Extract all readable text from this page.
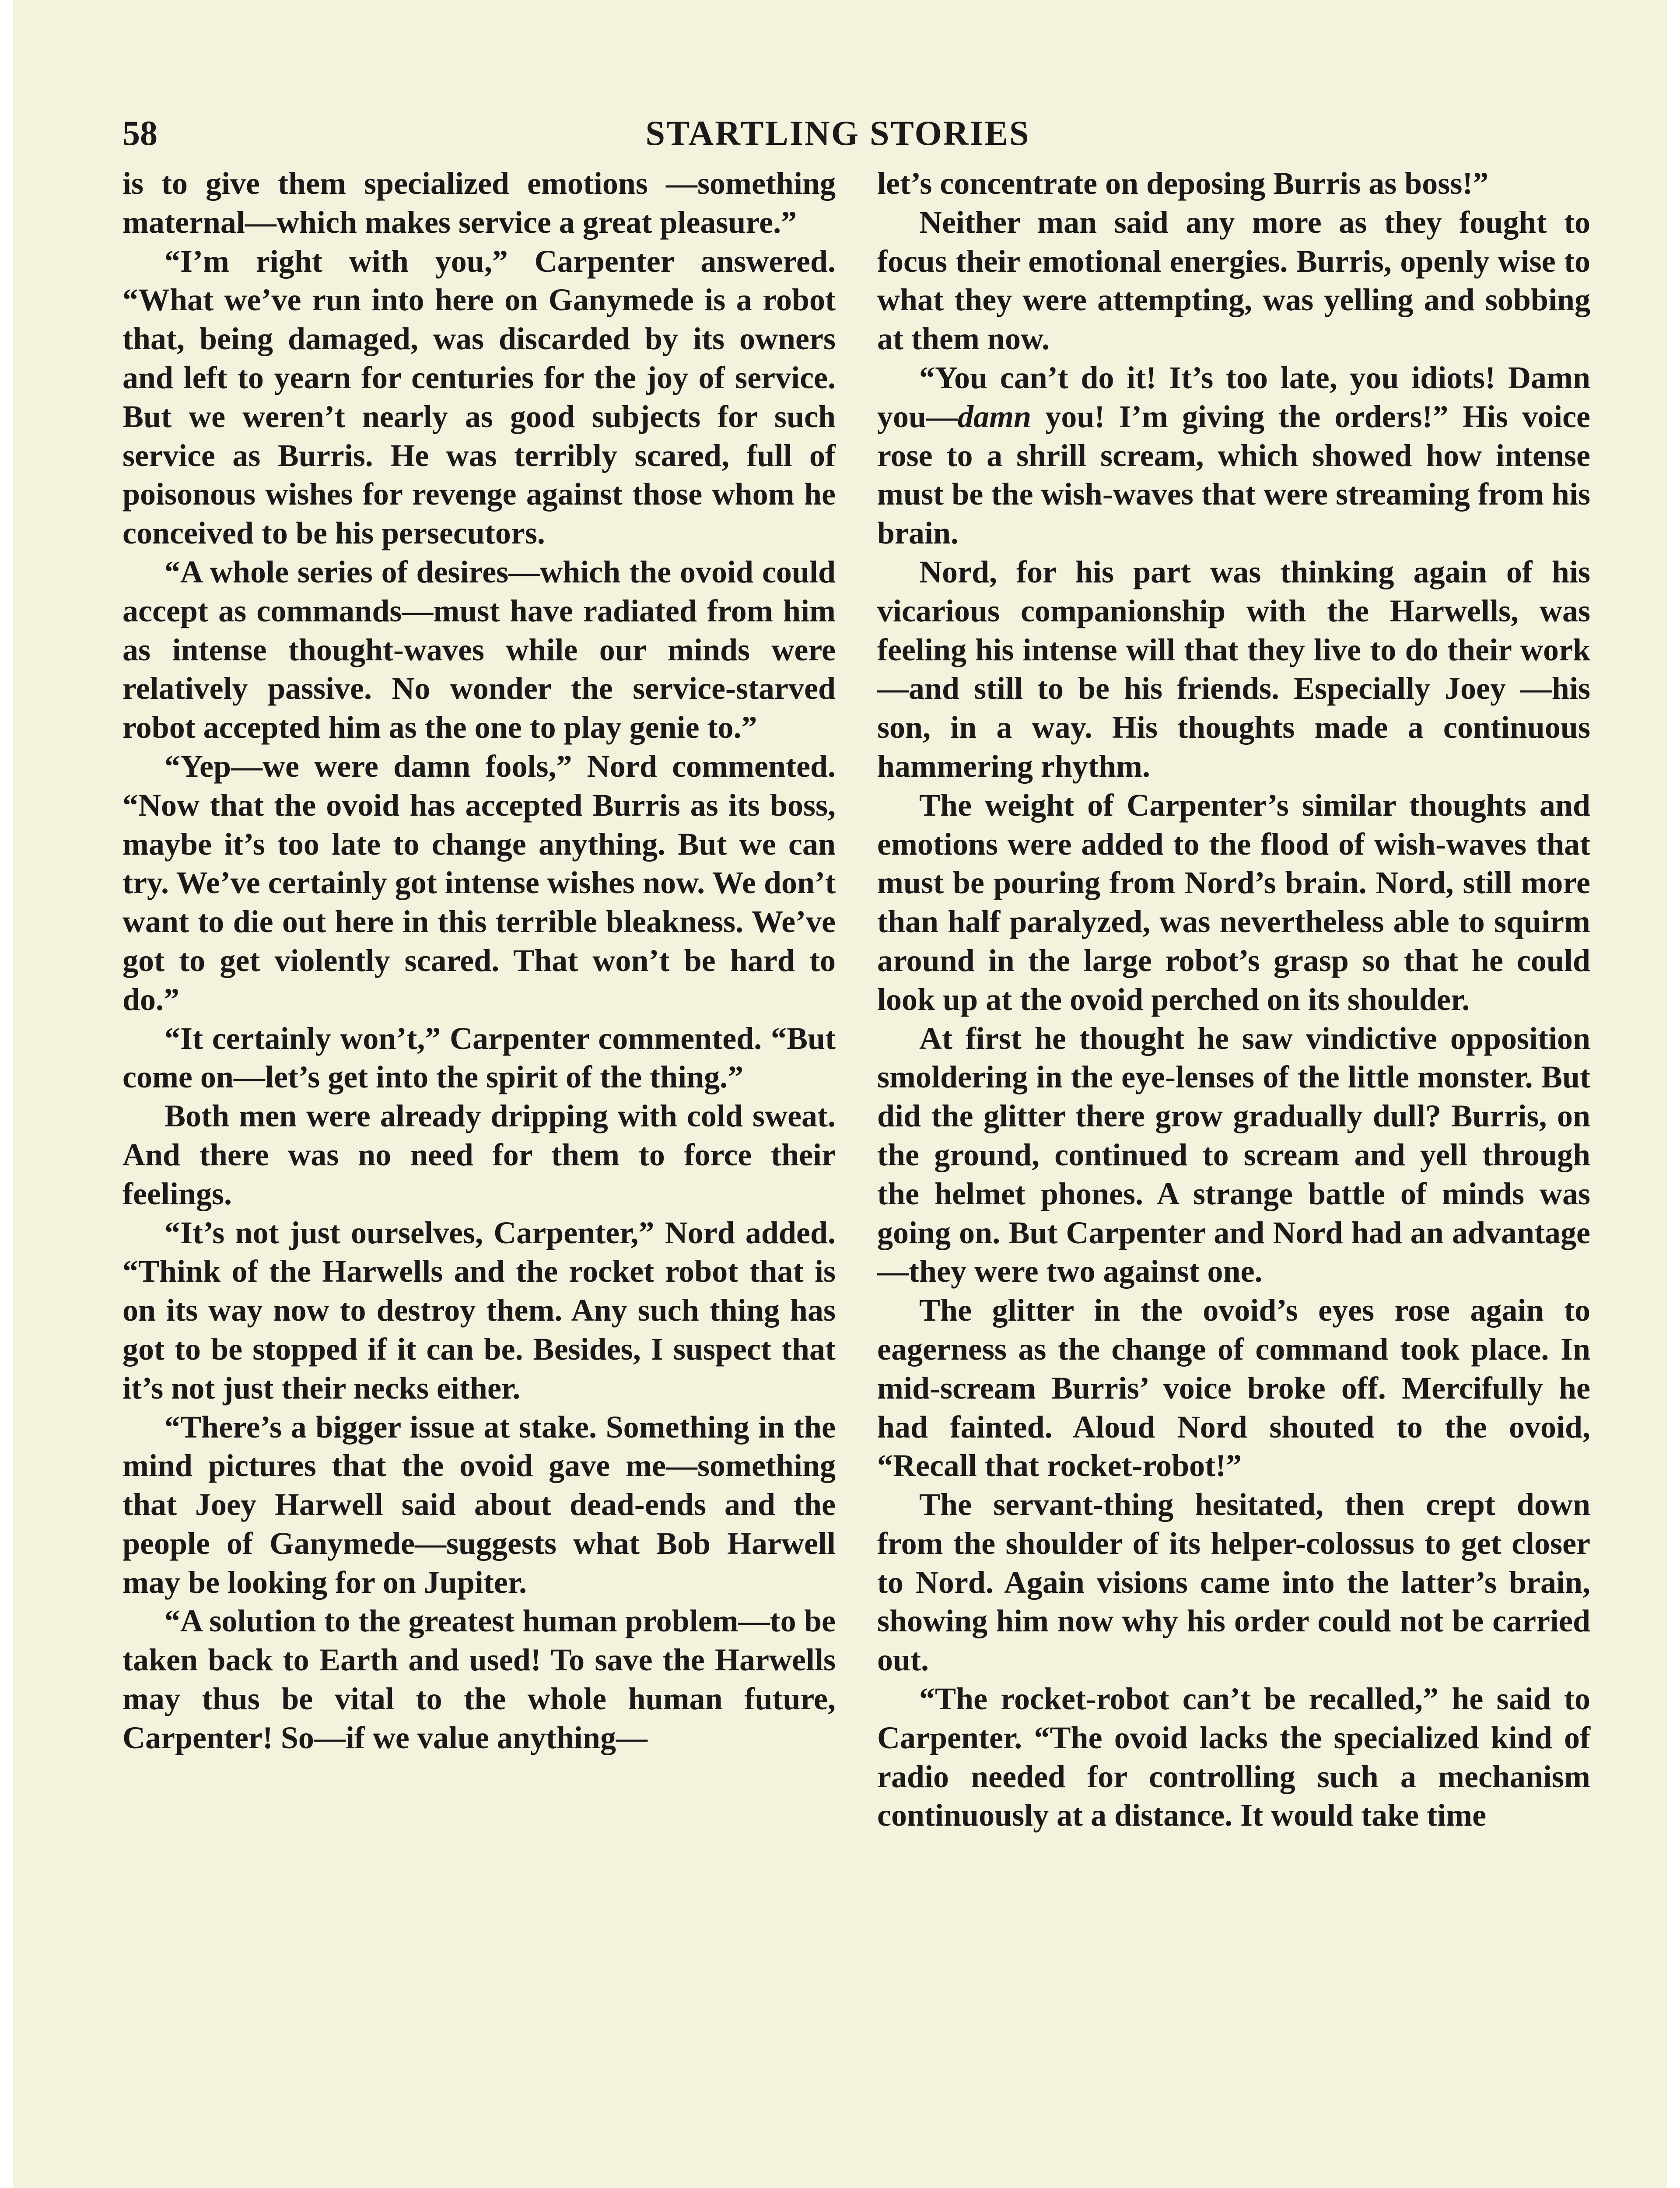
58	STARTLING STORIES

is to give them specialized emotions —something maternal—which makes service a great pleasure.”

“I’m right with you,” Carpenter answered. “What we’ve run into here on Ganymede is a robot that, being damaged, was discarded by its owners and left to yearn for centuries for the joy of service. But we weren’t nearly as good subjects for such service as Burris. He was terribly scared, full of poisonous wishes for revenge against those whom he conceived to be his persecutors.

“A whole series of desires—which the ovoid could accept as commands—must have radiated from him as intense thought-waves while our minds were relatively passive. No wonder the service-starved robot accepted him as the one to play genie to.”

“Yep—we were damn fools,” Nord commented. “Now that the ovoid has accepted Burris as its boss, maybe it’s too late to change anything. But we can try. We’ve certainly got intense wishes now. We don’t want to die out here in this terrible bleakness. We’ve got to get violently scared. That won’t be hard to do.”

“It certainly won’t,” Carpenter commented. “But come on—let’s get into the spirit of the thing.”

Both men were already dripping with cold sweat. And there was no need for them to force their feelings.

“It’s not just ourselves, Carpenter,” Nord added. “Think of the Harwells and the rocket robot that is on its way now to destroy them. Any such thing has got to be stopped if it can be. Besides, I suspect that it’s not just their necks either.

“There’s a bigger issue at stake. Something in the mind pictures that the ovoid gave me—something that Joey Harwell said about dead-ends and the people of Ganymede—suggests what Bob Harwell may be looking for on Jupiter.

“A solution to the greatest human problem—to be taken back to Earth and used! To save the Harwells may thus be vital to the whole human future, Carpenter! So—if we value anything—

let’s concentrate on deposing Burris as boss!”

Neither man said any more as they fought to focus their emotional energies. Burris, openly wise to what they were attempting, was yelling and sobbing at them now.

“You can’t do it! It’s too late, you idiots! Damn you—damn you! I’m giving the orders!” His voice rose to a shrill scream, which showed how intense must be the wish-waves that were streaming from his brain.

Nord, for his part was thinking again of his vicarious companionship with the Harwells, was feeling his intense will that they live to do their work—and still to be his friends. Especially Joey —his son, in a way. His thoughts made a continuous hammering rhythm.

The weight of Carpenter’s similar thoughts and emotions were added to the flood of wish-waves that must be pouring from Nord’s brain. Nord, still more than half paralyzed, was nevertheless able to squirm around in the large robot’s grasp so that he could look up at the ovoid perched on its shoulder.

At first he thought he saw vindictive opposition smoldering in the eye-lenses of the little monster. But did the glitter there grow gradually dull? Burris, on the ground, continued to scream and yell through the helmet phones. A strange battle of minds was going on. But Carpenter and Nord had an advantage—they were two against one.

The glitter in the ovoid’s eyes rose again to eagerness as the change of command took place. In mid-scream Burris’ voice broke off. Mercifully he had fainted. Aloud Nord shouted to the ovoid, “Recall that rocket-robot!”

The servant-thing hesitated, then crept down from the shoulder of its helper-colossus to get closer to Nord. Again visions came into the latter’s brain, showing him now why his order could not be carried out.

“The rocket-robot can’t be recalled,” he said to Carpenter. “The ovoid lacks the specialized kind of radio needed for controlling such a mechanism continuously at a distance. It would take time
